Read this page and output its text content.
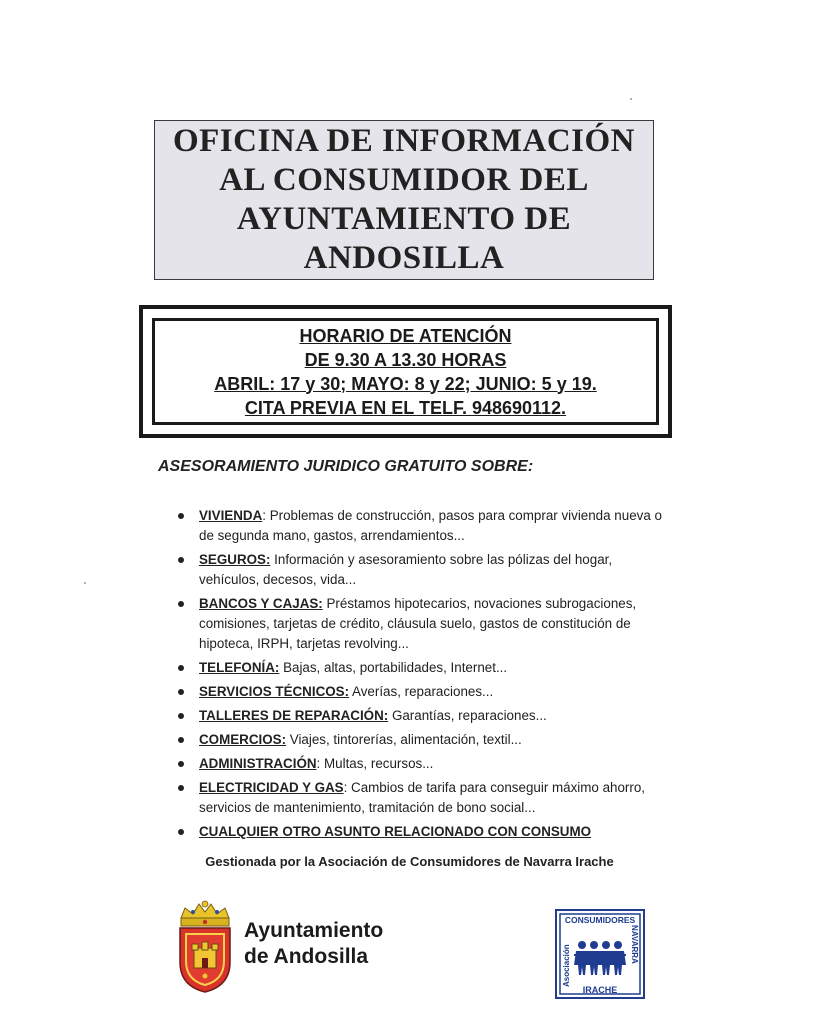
OFICINA DE INFORMACIÓN
AL CONSUMIDOR DEL
AYUNTAMIENTO DE
ANDOSILLA
HORARIO DE ATENCIÓN
DE 9.30 A 13.30 HORAS
ABRIL: 17 y 30; MAYO: 8 y 22; JUNIO: 5 y 19.
CITA PREVIA EN EL TELF. 948690112.
ASESORAMIENTO JURIDICO GRATUITO SOBRE:
VIVIENDA: Problemas de construcción, pasos para comprar vivienda nueva o de segunda mano, gastos, arrendamientos...
SEGUROS: Información y asesoramiento sobre las pólizas del hogar, vehículos, decesos, vida...
BANCOS Y CAJAS: Préstamos hipotecarios, novaciones subrogaciones, comisiones, tarjetas de crédito, cláusula suelo, gastos de constitución de hipoteca, IRPH, tarjetas revolving...
TELEFONÍA: Bajas, altas, portabilidades, Internet...
SERVICIOS TÉCNICOS: Averías, reparaciones...
TALLERES DE REPARACIÓN: Garantías, reparaciones...
COMERCIOS: Viajes, tintorerías, alimentación, textil...
ADMINISTRACIÓN: Multas, recursos...
ELECTRICIDAD Y GAS: Cambios de tarifa para conseguir máximo ahorro, servicios de mantenimiento, tramitación de bono social...
CUALQUIER OTRO ASUNTO RELACIONADO CON CONSUMO
Gestionada por la Asociación de Consumidores de Navarra Irache
Ayuntamiento
de Andosilla
CONSUMIDORES
IRACHE
Asociación	NAVARRA
